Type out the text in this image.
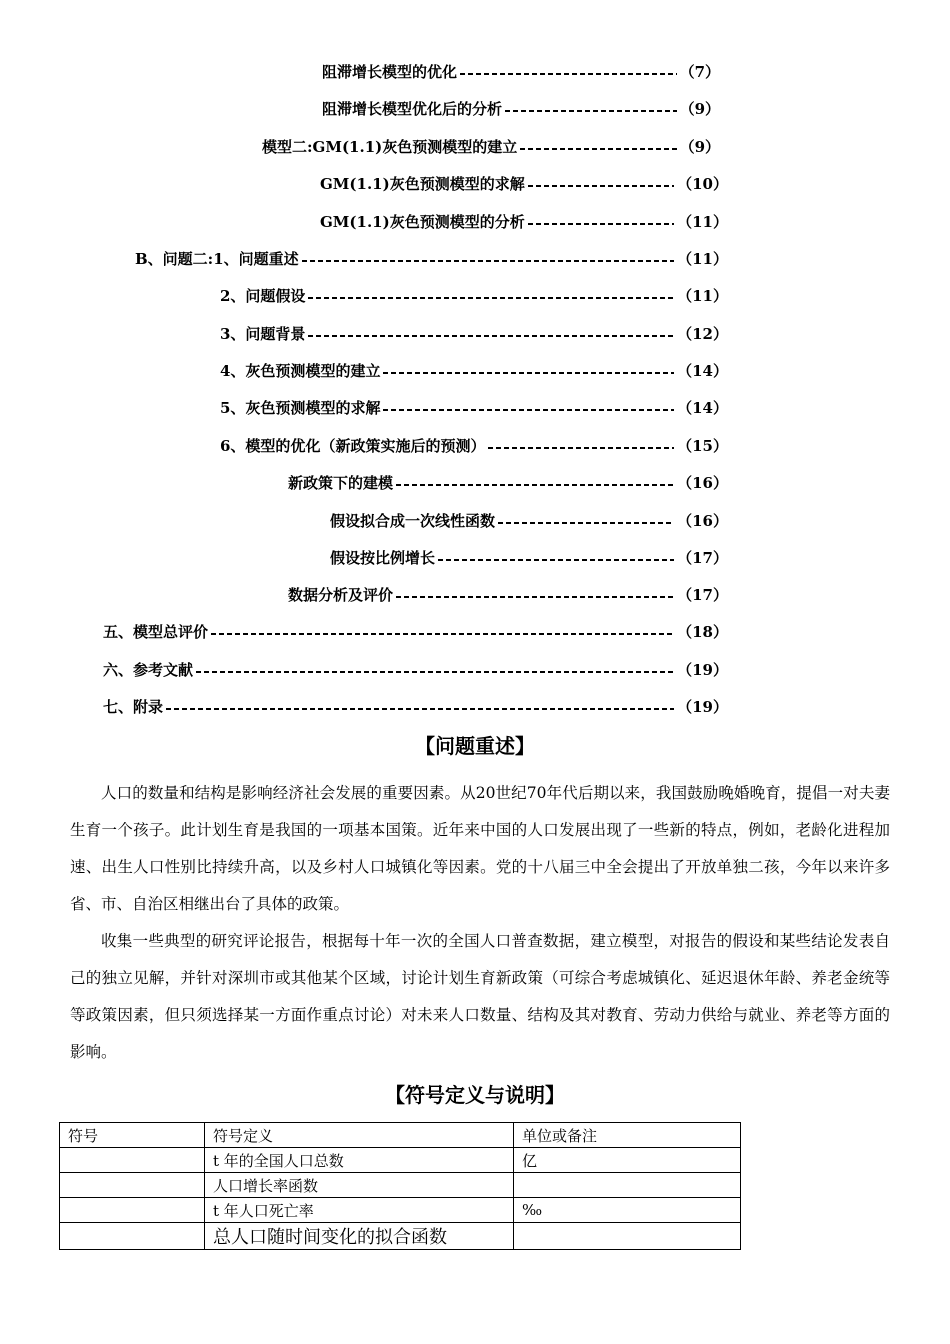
阻滞增长模型的优化	（7）
阻滞增长模型优化后的分析	（9）
模型二:GM(1.1)灰色预测模型的建立	（9）
GM(1.1)灰色预测模型的求解	（10）
GM(1.1)灰色预测模型的分析	（11）
B、问题二:1、问题重述	（11）
2、问题假设	（11）
3、问题背景	（12）
4、灰色预测模型的建立	（14）
5、灰色预测模型的求解	（14）
6、模型的优化（新政策实施后的预测）	（15）
新政策下的建模	（16）
假设拟合成一次线性函数	（16）
假设按比例增长	（17）
数据分析及评价	（17）
五、模型总评价	（18）
六、参考文献	（19）
七、附录	（19）
【问题重述】

人口的数量和结构是影响经济社会发展的重要因素。从20世纪70年代后期以来，我国鼓励晚婚晚育，提倡一对夫妻生育一个孩子。此计划生育是我国的一项基本国策。近年来中国的人口发展出现了一些新的特点，例如，老龄化进程加速、出生人口性别比持续升高，以及乡村人口城镇化等因素。党的十八届三中全会提出了开放单独二孩，今年以来许多省、市、自治区相继出台了具体的政策。

收集一些典型的研究评论报告，根据每十年一次的全国人口普查数据，建立模型，对报告的假设和某些结论发表自己的独立见解，并针对深圳市或其他某个区域，讨论计划生育新政策（可综合考虑城镇化、延迟退休年龄、养老金统等等政策因素，但只须选择某一方面作重点讨论）对未来人口数量、结构及其对教育、劳动力供给与就业、养老等方面的影响。

【符号定义与说明】
符号	符号定义	单位或备注
	t 年的全国人口总数	亿
	人口增长率函数	
	t 年人口死亡率	‰
	总人口随时间变化的拟合函数	
